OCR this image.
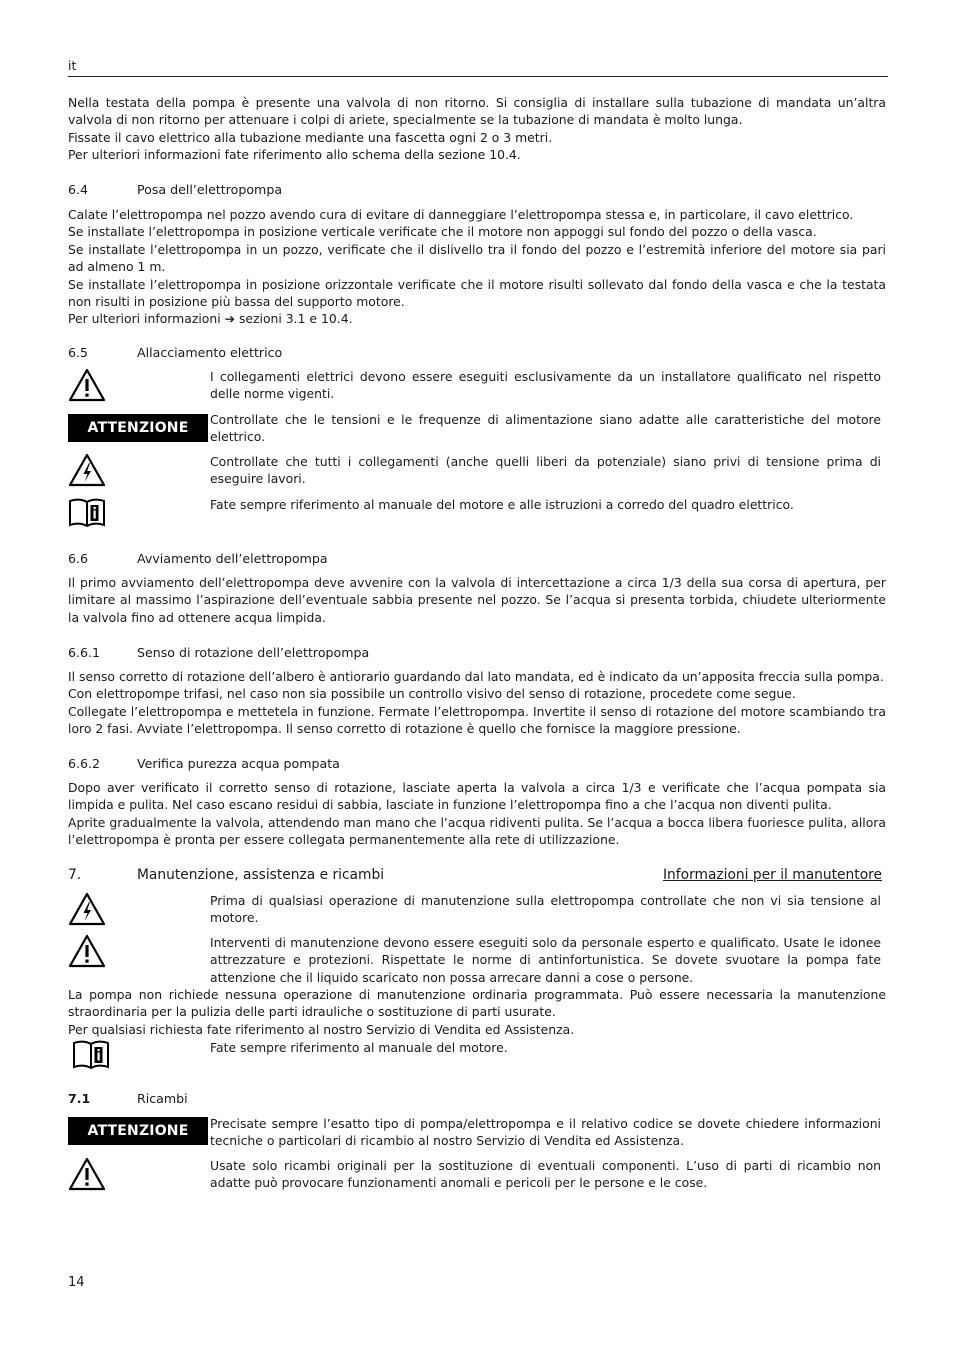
it

Nella testata della pompa è presente una valvola di non ritorno. Si consiglia di installare sulla tubazione di mandata un’altra valvola di non ritorno per attenuare i colpi di ariete, specialmente se la tubazione di mandata è molto lunga.

Fissate il cavo elettrico alla tubazione mediante una fascetta ogni 2 o 3 metri.

Per ulteriori informazioni fate riferimento allo schema della sezione 10.4.

6.4	Posa dell’elettropompa

Calate l’elettropompa nel pozzo avendo cura di evitare di danneggiare l’elettropompa stessa e, in particolare, il cavo elettrico.

Se installate l’elettropompa in posizione verticale verificate che il motore non appoggi sul fondo del pozzo o della vasca.

Se installate l’elettropompa in un pozzo, verificate che il dislivello tra il fondo del pozzo e l’estremità inferiore del motore sia pari ad almeno 1 m.

Se installate l’elettropompa in posizione orizzontale verificate che il motore risulti sollevato dal fondo della vasca e che la testata non risulti in posizione più bassa del supporto motore.

Per ulteriori informazioni ➔ sezioni 3.1 e 10.4.

6.5	Allacciamento elettrico

I collegamenti elettrici devono essere eseguiti esclusivamente da un installatore qualificato nel rispetto delle norme vigenti.

ATTENZIONE

Controllate che le tensioni e le frequenze di alimentazione siano adatte alle caratteristiche del motore elettrico.

Controllate che tutti i collegamenti (anche quelli liberi da potenziale) siano privi di tensione prima di eseguire lavori.

Fate sempre riferimento al manuale del motore e alle istruzioni a corredo del quadro elettrico.

6.6	Avviamento dell’elettropompa

Il primo avviamento dell’elettropompa deve avvenire con la valvola di intercettazione a circa 1/3 della sua corsa di apertura, per limitare al massimo l’aspirazione dell’eventuale sabbia presente nel pozzo. Se l’acqua si presenta torbida, chiudete ulteriormente la valvola fino ad ottenere acqua limpida.

6.6.1	Senso di rotazione dell’elettropompa

Il senso corretto di rotazione dell’albero è antiorario guardando dal lato mandata, ed è indicato da un’apposita freccia sulla pompa.

Con elettropompe trifasi, nel caso non sia possibile un controllo visivo del senso di rotazione, procedete come segue.

Collegate l’elettropompa e mettetela in funzione. Fermate l’elettropompa. Invertite il senso di rotazione del motore scambiando tra loro 2 fasi. Avviate l’elettropompa. Il senso corretto di rotazione è quello che fornisce la maggiore pressione.

6.6.2	Verifica purezza acqua pompata

Dopo aver verificato il corretto senso di rotazione, lasciate aperta la valvola a circa 1/3 e verificate che l’acqua pompata sia limpida e pulita. Nel caso escano residui di sabbia, lasciate in funzione l’elettropompa fino a che l’acqua non diventi pulita.

Aprite gradualmente la valvola, attendendo man mano che l’acqua ridiventi pulita. Se l’acqua a bocca libera fuoriesce pulita, allora l’elettropompa è pronta per essere collegata permanentemente alla rete di utilizzazione.

7.	Manutenzione, assistenza e ricambi	Informazioni per il manutentore

Prima di qualsiasi operazione di manutenzione sulla elettropompa controllate che non vi sia tensione al motore.

Interventi di manutenzione devono essere eseguiti solo da personale esperto e qualificato. Usate le idonee attrezzature e protezioni. Rispettate le norme di antinfortunistica. Se dovete svuotare la pompa fate attenzione che il liquido scaricato non possa arrecare danni a cose o persone.

La pompa non richiede nessuna operazione di manutenzione ordinaria programmata. Può essere necessaria la manutenzione straordinaria per la pulizia delle parti idrauliche o sostituzione di parti usurate.

Per qualsiasi richiesta fate riferimento al nostro Servizio di Vendita ed Assistenza.

Fate sempre riferimento al manuale del motore.

7.1	Ricambi
ATTENZIONE	Precisate sempre l’esatto tipo di pompa/elettropompa e il relativo codice se dovete chiedere informazioni tecniche o particolari di ricambio al nostro Servizio di Vendita ed Assistenza.

Usate solo ricambi originali per la sostituzione di eventuali componenti. L’uso di parti di ricambio non adatte può provocare funzionamenti anomali e pericoli per le persone e le cose.

14
